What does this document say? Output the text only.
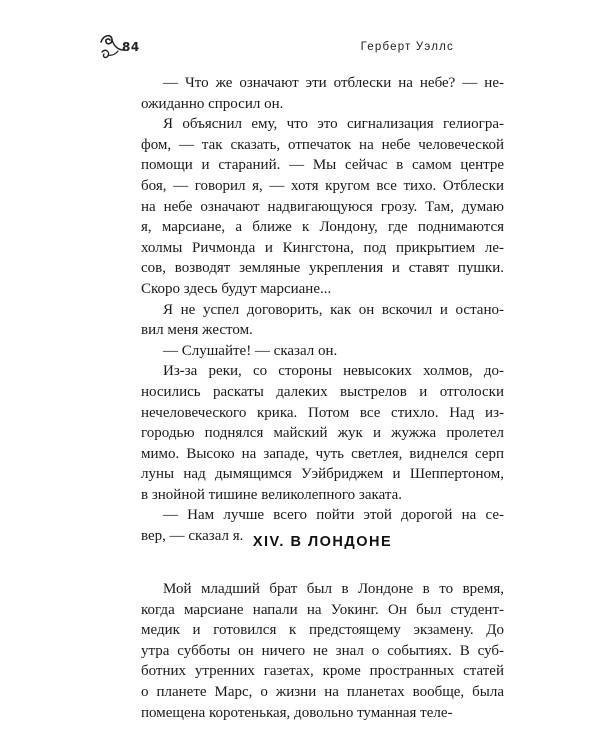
84	Герберт Уэллс
— Что же означают эти отблески на небе? — не-
ожиданно спросил он.
Я объяснил ему, что это сигнализация гелиогра-
фом, — так сказать, отпечаток на небе человеческой
помощи и стараний. — Мы сейчас в самом центре
боя, — говорил я, — хотя кругом все тихо. Отблески
на небе означают надвигающуюся грозу. Там, думаю
я, марсиане, а ближе к Лондону, где поднимаются
холмы Ричмонда и Кингстона, под прикрытием ле-
сов, возводят земляные укрепления и ставят пушки.
Скоро здесь будут марсиане...
Я не успел договорить, как он вскочил и остано-
вил меня жестом.
— Слушайте! — сказал он.
Из-за реки, со стороны невысоких холмов, до-
носились раскаты далеких выстрелов и отголоски
нечеловеческого крика. Потом все стихло. Над из-
городью поднялся майский жук и жужжа пролетел
мимо. Высоко на западе, чуть светлея, виднелся серп
луны над дымящимся Уэйбриджем и Шеппертоном,
в знойной тишине великолепного заката.
— Нам лучше всего пойти этой дорогой на се-
вер, — сказал я. XIV. В ЛОНДОНЕ
Мой младший брат был в Лондоне в то время,
когда марсиане напали на Уокинг. Он был студент-
медик и готовился к предстоящему экзамену. До
утра субботы он ничего не знал о событиях. В суб-
ботних утренних газетах, кроме пространных статей
о планете Марс, о жизни на планетах вообще, была
помещена коротенькая, довольно туманная теле-
